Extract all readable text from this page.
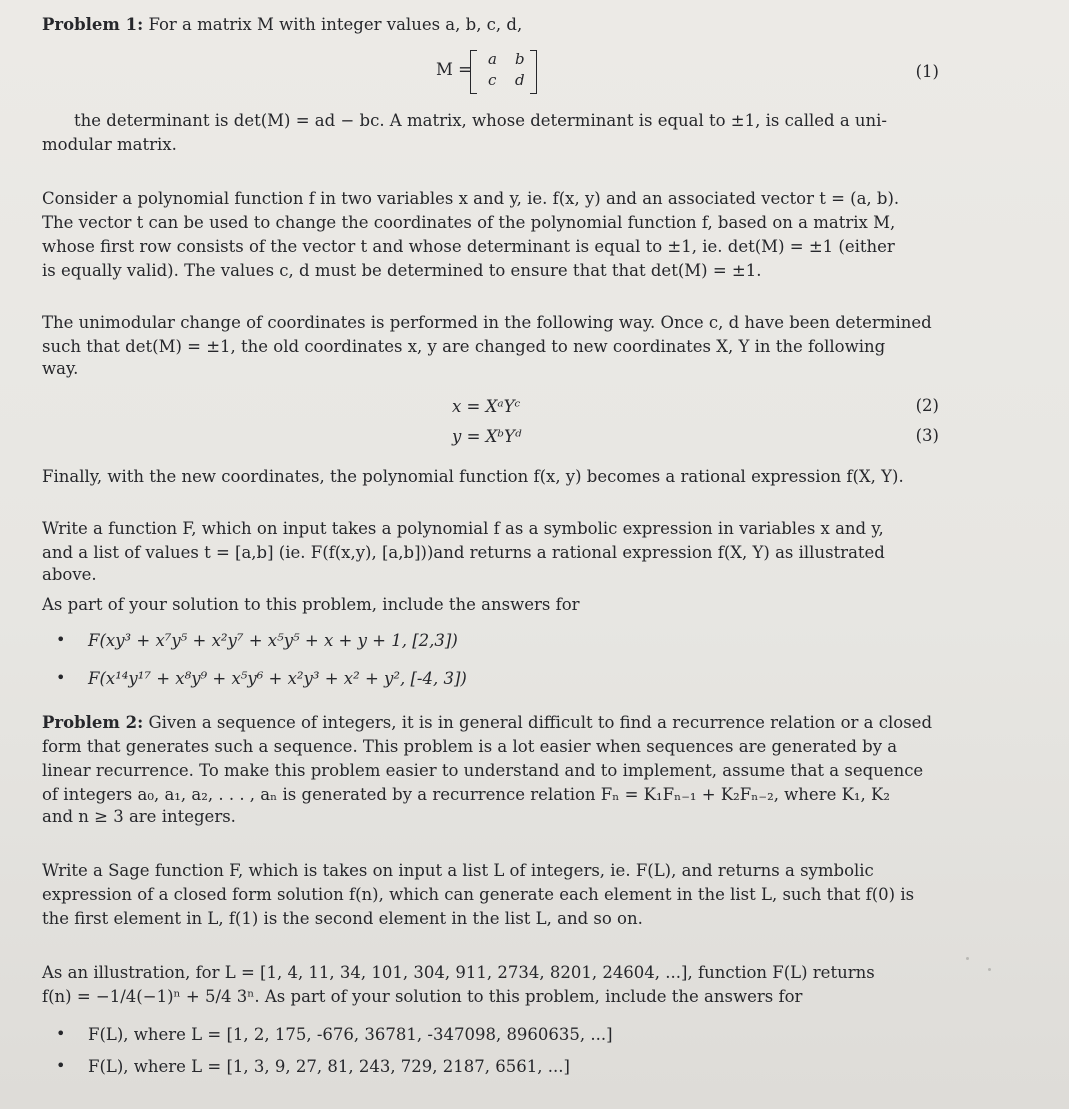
Problem 1: For a matrix M with integer values a, b, c, d,
M =
a b
c d	(1)
the determinant is det(M) = ad − bc. A matrix, whose determinant is equal to ±1, is called a uni-
modular matrix.
Consider a polynomial function f in two variables x and y, ie. f(x, y) and an associated vector t = (a, b).
The vector t can be used to change the coordinates of the polynomial function f, based on a matrix M,
whose first row consists of the vector t and whose determinant is equal to ±1, ie. det(M) = ±1 (either
is equally valid). The values c, d must be determined to ensure that that det(M) = ±1.
The unimodular change of coordinates is performed in the following way. Once c, d have been determined
such that det(M) = ±1, the old coordinates x, y are changed to new coordinates X, Y in the following
way.
x = XᵃYᶜ	(2)
y = XᵇYᵈ	(3)
Finally, with the new coordinates, the polynomial function f(x, y) becomes a rational expression f(X, Y).
Write a function F, which on input takes a polynomial f as a symbolic expression in variables x and y,
and a list of values t = [a,b] (ie. F(f(x,y), [a,b]))and returns a rational expression f(X, Y) as illustrated
above.
As part of your solution to this problem, include the answers for
• F(xy³ + x⁷y⁵ + x²y⁷ + x⁵y⁵ + x + y + 1, [2,3])
• F(x¹⁴y¹⁷ + x⁸y⁹ + x⁵y⁶ + x²y³ + x² + y², [-4, 3])
Problem 2: Given a sequence of integers, it is in general difficult to find a recurrence relation or a closed
form that generates such a sequence. This problem is a lot easier when sequences are generated by a
linear recurrence. To make this problem easier to understand and to implement, assume that a sequence
of integers a₀, a₁, a₂, . . . , aₙ is generated by a recurrence relation Fₙ = K₁Fₙ₋₁ + K₂Fₙ₋₂, where K₁, K₂
and n ≥ 3 are integers.
Write a Sage function F, which is takes on input a list L of integers, ie. F(L), and returns a symbolic
expression of a closed form solution f(n), which can generate each element in the list L, such that f(0) is
the first element in L, f(1) is the second element in the list L, and so on.
As an illustration, for L = [1, 4, 11, 34, 101, 304, 911, 2734, 8201, 24604, ...], function F(L) returns
f(n) = −1/4(−1)ⁿ + 5/4 3ⁿ. As part of your solution to this problem, include the answers for
• F(L), where L = [1, 2, 175, -676, 36781, -347098, 8960635, ...]
• F(L), where L = [1, 3, 9, 27, 81, 243, 729, 2187, 6561, ...]
